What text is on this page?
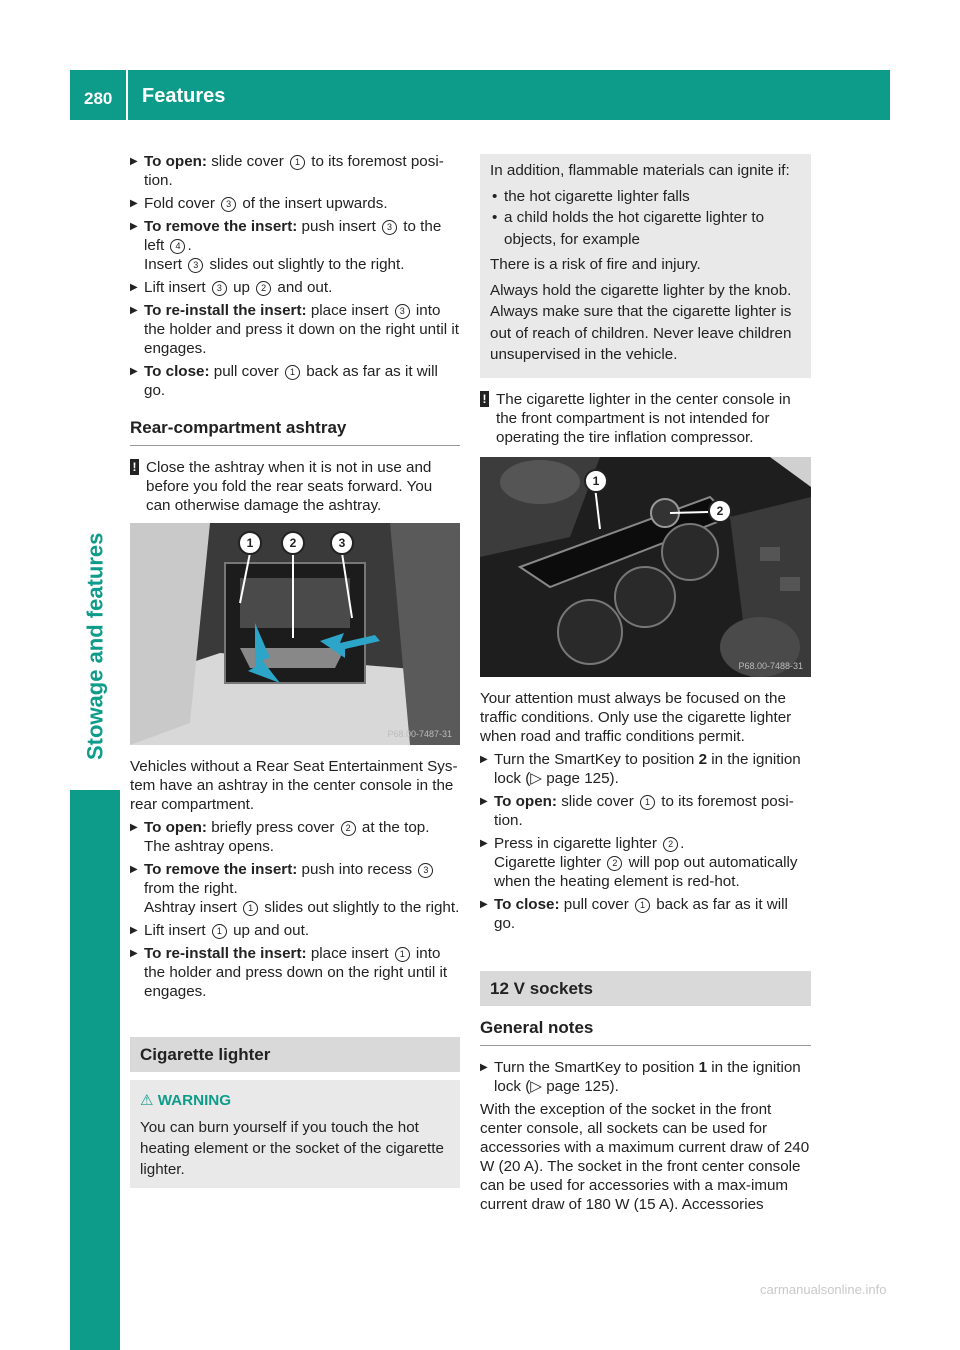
280 Features
Stowage and features
▶ To open: slide cover 1 to its foremost posi-tion.
▶ Fold cover 3 of the insert upwards.
▶ To remove the insert: push insert 3 to the left 4 .
Insert 3 slides out slightly to the right.
▶ Lift insert 3 up 2 and out.
▶ To re-install the insert: place insert 3 into the holder and press it down on the right until it engages.
▶ To close: pull cover 1 back as far as it will go.
Rear-compartment ashtray
! Close the ashtray when it is not in use and before you fold the rear seats forward. You can otherwise damage the ashtray.
1	2	3
P68.00-7487-31

Vehicles without a Rear Seat Entertainment Sys-tem have an ashtray in the center console in the rear compartment.

▶ To open: briefly press cover 2 at the top.
The ashtray opens.
▶ To remove the insert: push into recess 3 from the right.
Ashtray insert 1 slides out slightly to the right.
▶ Lift insert 1 up and out.
▶ To re-install the insert: place insert 1 into the holder and press down on the right until it engages.
Cigarette lighter
⚠ WARNING
You can burn yourself if you touch the hot heating element or the socket of the cigarette lighter.

In addition, flammable materials can ignite if:

• the hot cigarette lighter falls
• a child holds the hot cigarette lighter to objects, for example

There is a risk of fire and injury.

Always hold the cigarette lighter by the knob. Always make sure that the cigarette lighter is out of reach of children. Never leave children unsupervised in the vehicle.

! The cigarette lighter in the center console in the front compartment is not intended for operating the tire inflation compressor.
1
2
P68.00-7488-31

Your attention must always be focused on the traffic conditions. Only use the cigarette lighter when road and traffic conditions permit.

▶ Turn the SmartKey to position 2 in the ignition lock (▷ page 125).
▶ To open: slide cover 1 to its foremost posi-tion.
▶ Press in cigarette lighter 2 .
Cigarette lighter 2 will pop out automatically when the heating element is red-hot.
▶ To close: pull cover 1 back as far as it will go.
12 V sockets
General notes
▶ Turn the SmartKey to position 1 in the ignition lock (▷ page 125).

With the exception of the socket in the front center console, all sockets can be used for accessories with a maximum current draw of 240 W (20 A). The socket in the front center console can be used for accessories with a max-imum current draw of 180 W (15 A). Accessories

carmanualsonline.info
